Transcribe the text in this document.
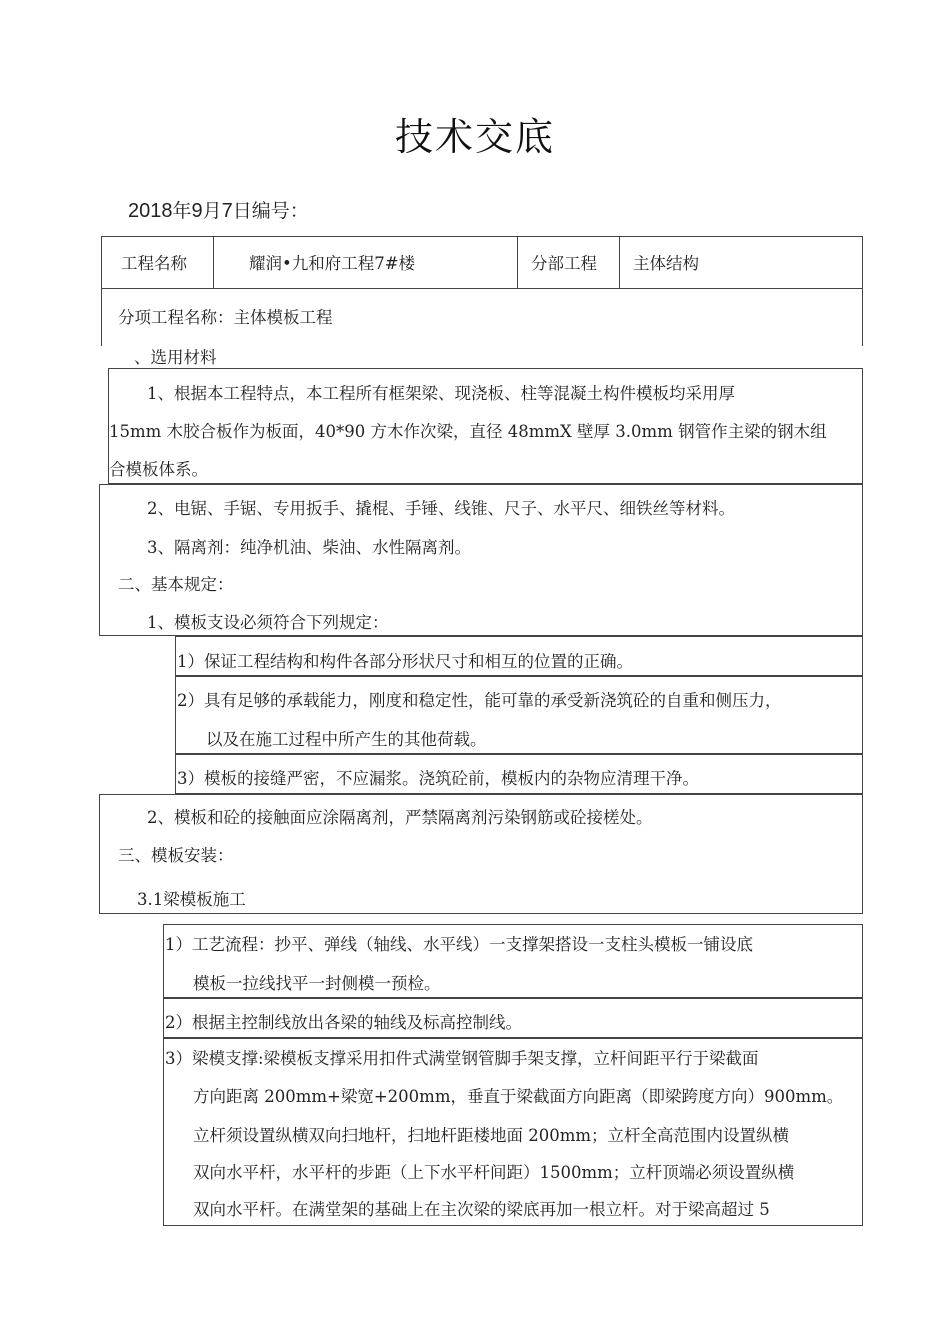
技术交底
2018年9月7日编号：
工程名称	耀润•九和府工程7#楼	分部工程 主体结构
分项工程名称：主体模板工程
、选用材料
1、根据本工程特点，本工程所有框架梁、现浇板、柱等混凝土构件模板均采用厚
15mm 木胶合板作为板面，40*90 方木作次梁，直径 48mmX 壁厚 3.0mm 钢管作主梁的钢木组
合模板体系。
2、电锯、手锯、专用扳手、撬棍、手锤、线锥、尺子、水平尺、细铁丝等材料。
3、隔离剂：纯净机油、柴油、水性隔离剂。
二、基本规定：
1、模板支设必须符合下列规定：
1）保证工程结构和构件各部分形状尺寸和相互的位置的正确。
2）具有足够的承载能力，刚度和稳定性，能可靠的承受新浇筑砼的自重和侧压力，
以及在施工过程中所产生的其他荷载。
3）模板的接缝严密，不应漏浆。浇筑砼前，模板内的杂物应清理干净。
2、模板和砼的接触面应涂隔离剂，严禁隔离剂污染钢筋或砼接槎处。
三、模板安装：
3.1梁模板施工
1）工艺流程：抄平、弹线（轴线、水平线）一支撑架搭设一支柱头模板一铺设底
模板一拉线找平一封侧模一预检。
2）根据主控制线放出各梁的轴线及标高控制线。
3）梁模支撑:梁模板支撑采用扣件式满堂钢管脚手架支撑，立杆间距平行于梁截面
方向距离 200mm+梁宽+200mm，垂直于梁截面方向距离（即梁跨度方向）900mm。
立杆须设置纵横双向扫地杆，扫地杆距楼地面 200mm；立杆全高范围内设置纵横
双向水平杆，水平杆的步距（上下水平杆间距）1500mm；立杆顶端必须设置纵横
双向水平杆。在满堂架的基础上在主次梁的梁底再加一根立杆。对于梁高超过 5
